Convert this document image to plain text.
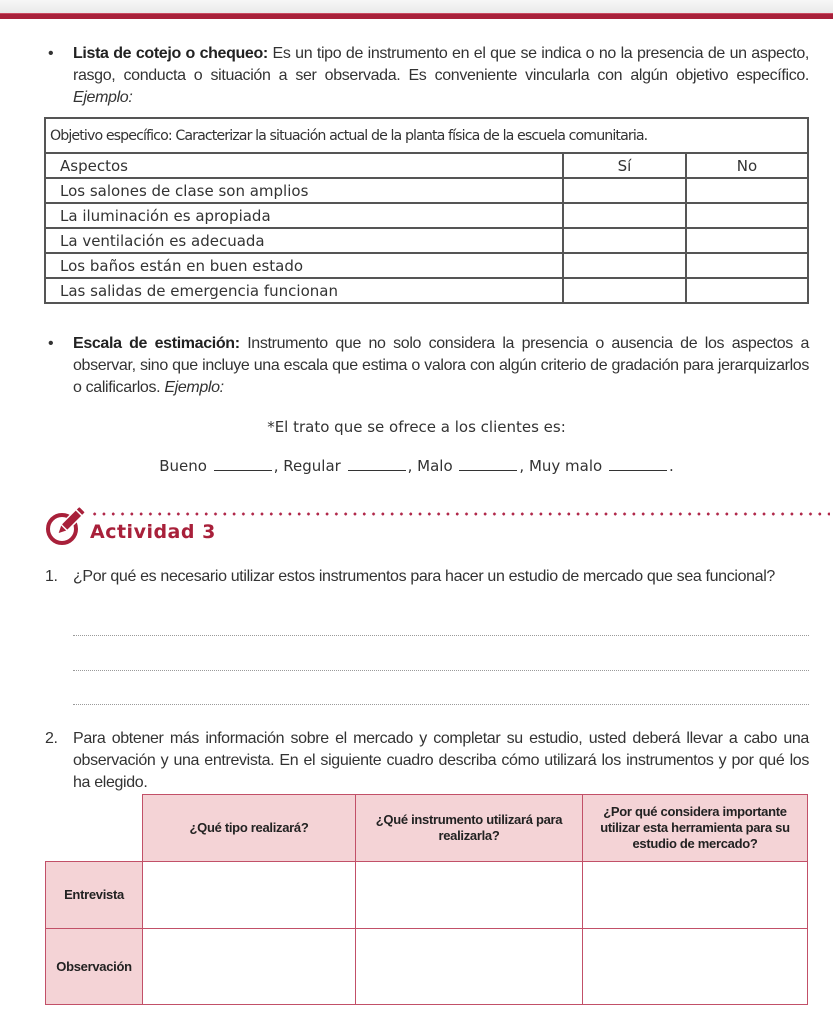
•	Lista de cotejo o chequeo: Es un tipo de instrumento en el que se indica o no la presencia de un aspecto, rasgo, conducta o situación a ser observada. Es conveniente vincularla con algún objetivo específico. Ejemplo:
Objetivo específico: Caracterizar la situación actual de la planta física de la escuela comunitaria.		
Aspectos	Sí	No
Los salones de clase son amplios		
La iluminación es apropiada		
La ventilación es adecuada		
Los baños están en buen estado		
Las salidas de emergencia funcionan		
•	Escala de estimación: Instrumento que no solo considera la presencia o ausencia de los aspectos a observar, sino que incluye una escala que estima o valora con algún criterio de gradación para jerarquizarlos o calificarlos. Ejemplo:
*El trato que se ofrece a los clientes es:
Bueno	, Regular	, Malo	, Muy malo	.
Actividad 3
1. ¿Por qué es necesario utilizar estos instrumentos para hacer un estudio de mercado que sea funcional?
2. Para obtener más información sobre el mercado y completar su estudio, usted deberá llevar a cabo una observación y una entrevista. En el siguiente cuadro describa cómo utilizará los instrumentos y por qué los ha elegido.
	¿Qué tipo realizará?	¿Qué instrumento utilizará para realizarla?	¿Por qué considera importante utilizar esta herramienta para su estudio de mercado?
Entrevista			
Observación			
